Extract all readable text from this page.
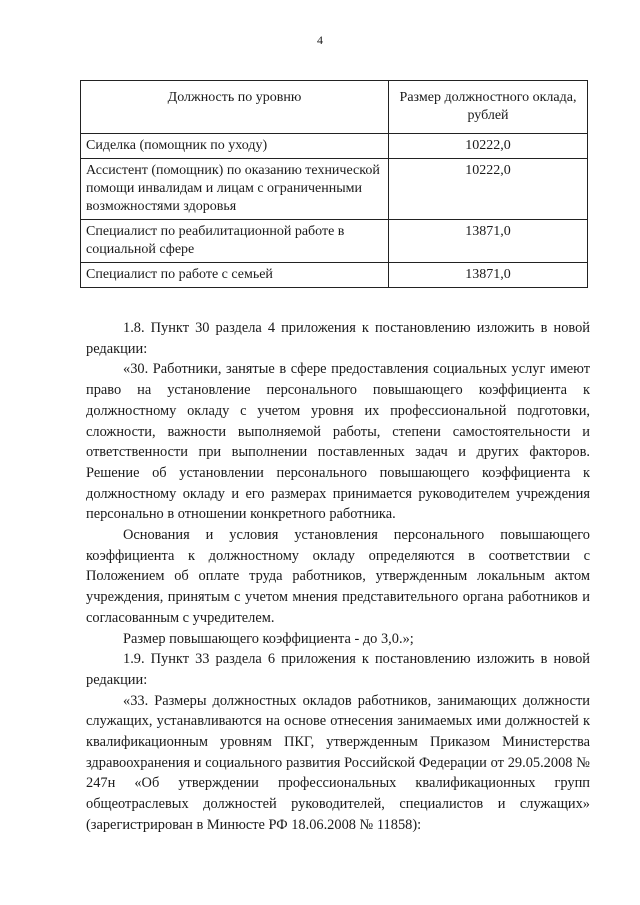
4
Должность по уровню	Размер должностного оклада, рублей
Сиделка (помощник по уходу)	10222,0
Ассистент (помощник) по оказанию технической помощи инвалидам и лицам с ограниченными возможностями здоровья	10222,0
Специалист по реабилитационной работе в социальной сфере	13871,0
Специалист по работе с семьей	13871,0

1.8. Пункт 30 раздела 4 приложения к постановлению изложить в новой редакции:

«30. Работники, занятые в сфере предоставления социальных услуг имеют право на установление персонального повышающего коэффициента к должностному окладу с учетом уровня их профессиональной подготовки, сложности, важности выполняемой работы, степени самостоятельности и ответственности при выполнении поставленных задач и других факторов. Решение об установлении персонального повышающего коэффициента к должностному окладу и его размерах принимается руководителем учреждения персонально в отношении конкретного работника.

Основания и условия установления персонального повышающего коэффициента к должностному окладу определяются в соответствии с Положением об оплате труда работников, утвержденным локальным актом учреждения, принятым с учетом мнения представительного органа работников и согласованным с учредителем.

Размер повышающего коэффициента - до 3,0.»;

1.9. Пункт 33 раздела 6 приложения к постановлению изложить в новой редакции:

«33. Размеры должностных окладов работников, занимающих должности служащих, устанавливаются на основе отнесения занимаемых ими должностей к квалификационным уровням ПКГ, утвержденным Приказом Министерства здравоохранения и социального развития Российской Федерации от 29.05.2008 № 247н «Об утверждении профессиональных квалификационных групп общеотраслевых должностей руководителей, специалистов и служащих» (зарегистрирован в Минюсте РФ 18.06.2008 № 11858):
